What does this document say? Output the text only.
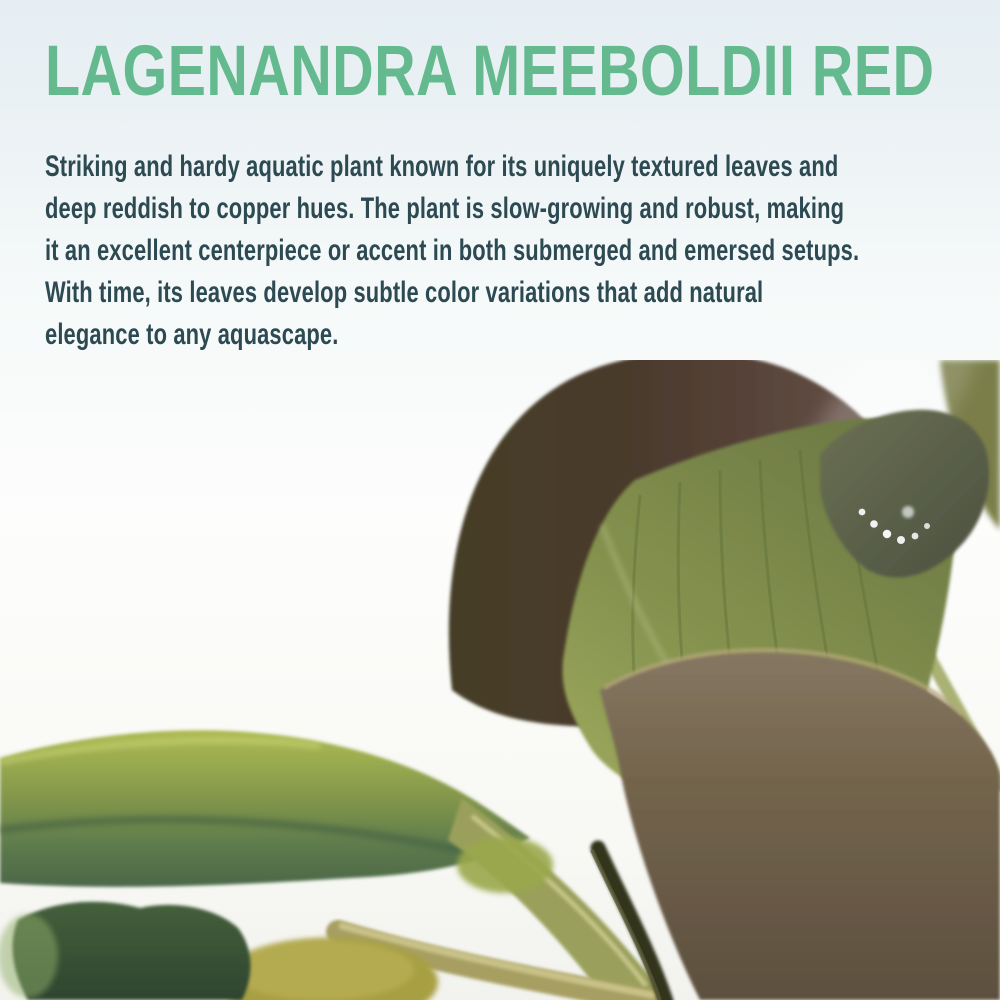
LAGENANDRA MEEBOLDII RED
Striking and hardy aquatic plant known for its uniquely textured leaves and
deep reddish to copper hues. The plant is slow-growing and robust, making
it an excellent centerpiece or accent in both submerged and emersed setups.
With time, its leaves develop subtle color variations that add natural
elegance to any aquascape.
